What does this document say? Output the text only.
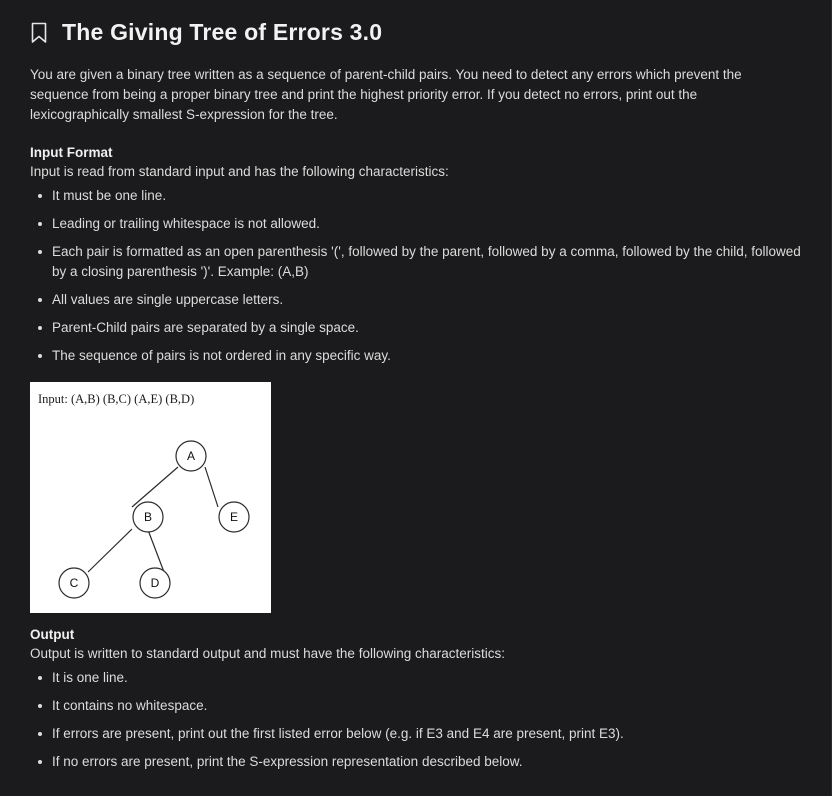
The Giving Tree of Errors 3.0

You are given a binary tree written as a sequence of parent-child pairs. You need to detect any errors which prevent the sequence from being a proper binary tree and print the highest priority error. If you detect no errors, print out the lexicographically smallest S-expression for the tree.

Input Format
Input is read from standard input and has the following characteristics:
It must be one line.
Leading or trailing whitespace is not allowed.
Each pair is formatted as an open parenthesis '(', followed by the parent, followed by a comma, followed by the child, followed by a closing parenthesis ')'. Example: (A,B)
All values are single uppercase letters.
Parent-Child pairs are separated by a single space.
The sequence of pairs is not ordered in any specific way.
Input: (A,B) (B,C) (A,E) (B,D)
A
B	E
C	D
Output
Output is written to standard output and must have the following characteristics:
It is one line.
It contains no whitespace.
If errors are present, print out the first listed error below (e.g. if E3 and E4 are present, print E3).
If no errors are present, print the S-expression representation described below.
